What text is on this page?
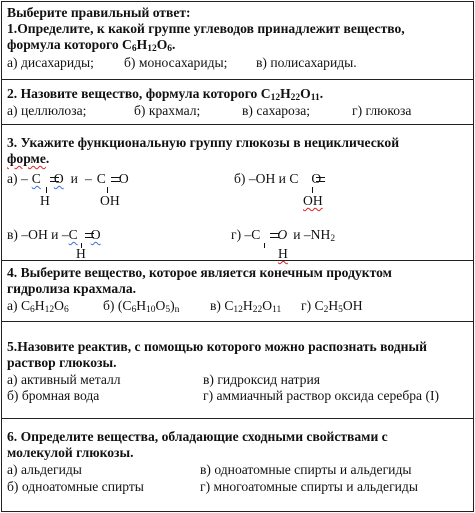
Выберите правильный ответ:
1.Определите, к какой группе углеводов принадлежит вещество,
формула которого $C_6H_{12}O_6$.
а) дисахариды; б) моносахариды; в) полисахариды.
2. Назовите вещество, формула которого $C_{12}H_{22}O_{11}$.
а) целлюлоза;	б) крахмал;	в) сахароза;	г) глюкоза
3. Укажите функциональную группу глюкозы в нециклической
форме.
а) – C O и – C O
H	OH
б) –OH и C O
OH
в) –OH и –C O
H
г) –C O и $-NH_2$
H
4. Выберите вещество, которое является конечным продуктом
гидролиза крахмала.
а) $C_6H_{12}O_6$	б) $(C_6H_{10}O_5)_n$ в) $C_{12}H_{22}O_{11}$ г) $C_2H_5OH$
5.Назовите реактив, с помощью которого можно распознать водный
раствор глюкозы.
а) активный металл
б) бромная вода
в) гидроксид натрия
г) аммиачный раствор оксида серебра (I)
6. Определите вещества, обладающие сходными свойствами с
молекулой глюкозы.
а) альдегиды
б) одноатомные спирты
в) одноатомные спирты и альдегиды
г) многоатомные спирты и альдегиды
